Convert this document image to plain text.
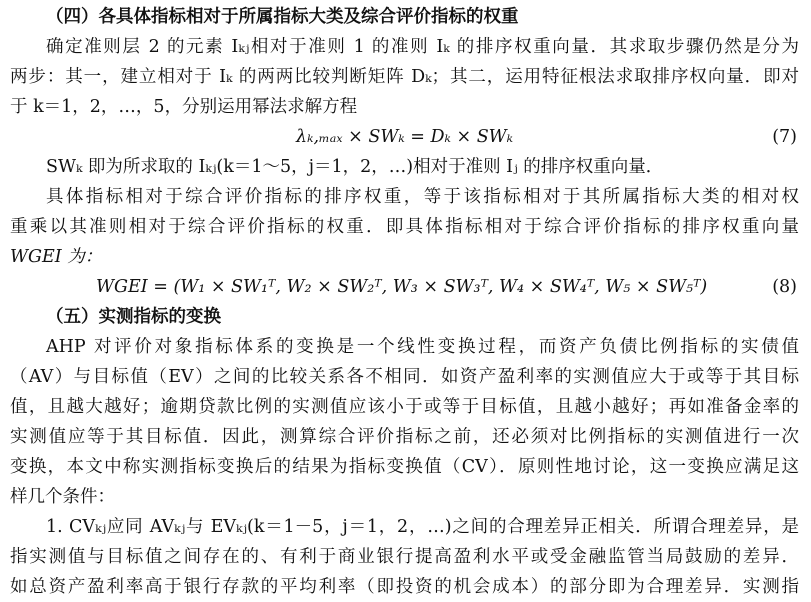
（四）各具体指标相对于所属指标大类及综合评价指标的权重
确定准则层 2 的元素 Iₖⱼ相对于准则 1 的准则 Iₖ 的排序权重向量．其求取步骤仍然是分为
两步：其一，建立相对于 Iₖ 的两两比较判断矩阵 Dₖ；其二，运用特征根法求取排序权向量．即对
于 k＝1，2，…，5，分别运用幂法求解方程
λₖ,ₘₐₓ × SWₖ = Dₖ × SWₖ	(7)
SWₖ 即为所求取的 Iₖⱼ(k＝1～5，j＝1，2，…)相对于准则 Iⱼ 的排序权重向量．
具体指标相对于综合评价指标的排序权重，等于该指标相对于其所属指标大类的相对权
重乘以其准则相对于综合评价指标的权重．即具体指标相对于综合评价指标的排序权重向量
WGEI 为：
WGEI = (W₁ × SW₁ᵀ, W₂ × SW₂ᵀ, W₃ × SW₃ᵀ, W₄ × SW₄ᵀ, W₅ × SW₅ᵀ)	(8)
（五）实测指标的变换
AHP 对评价对象指标体系的变换是一个线性变换过程，而资产负债比例指标的实债值
（AV）与目标值（EV）之间的比较关系各不相同．如资产盈利率的实测值应大于或等于其目标
值，且越大越好；逾期贷款比例的实测值应该小于或等于目标值，且越小越好；再如准备金率的
实测值应等于其目标值．因此，测算综合评价指标之前，还必须对比例指标的实测值进行一次
变换，本文中称实测指标变换后的结果为指标变换值（CV）．原则性地讨论，这一变换应满足这
样几个条件：
1. CVₖⱼ应同 AVₖⱼ与 EVₖⱼ(k＝1－5，j＝1，2，…)之间的合理差异正相关．所谓合理差异，是
指实测值与目标值之间存在的、有利于商业银行提高盈利水平或受金融监管当局鼓励的差异．
如总资产盈利率高于银行存款的平均利率（即投资的机会成本）的部分即为合理差异．实测指
